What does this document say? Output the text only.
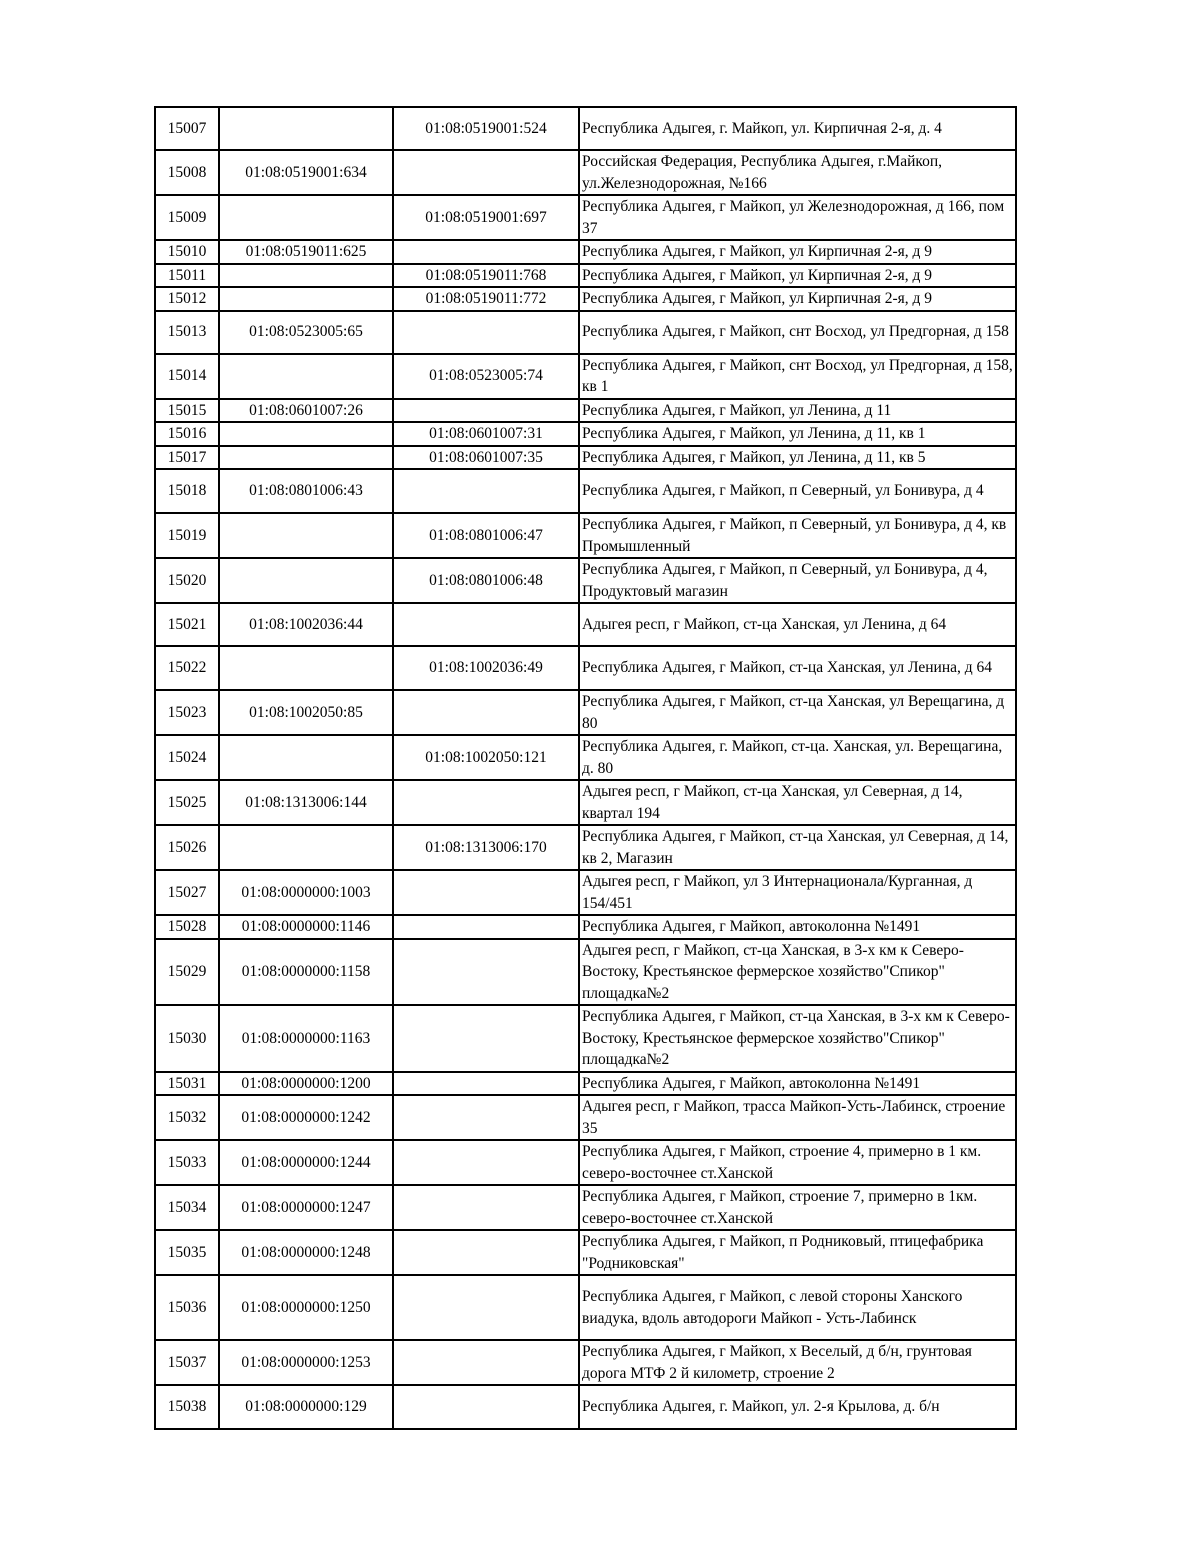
15007		01:08:0519001:524	Республика Адыгея, г. Майкоп, ул. Кирпичная 2-я, д. 4
15008	01:08:0519001:634		Российская Федерация, Республика Адыгея, г.Майкоп, ул.Железнодорожная, №166
15009		01:08:0519001:697	Республика Адыгея, г Майкоп, ул Железнодорожная, д 166, пом 37
15010	01:08:0519011:625		Республика Адыгея, г Майкоп, ул Кирпичная 2-я, д 9
15011		01:08:0519011:768	Республика Адыгея, г Майкоп, ул Кирпичная 2-я, д 9
15012		01:08:0519011:772	Республика Адыгея, г Майкоп, ул Кирпичная 2-я, д 9
15013	01:08:0523005:65		Республика Адыгея, г Майкоп, снт Восход, ул Предгорная, д 158
15014		01:08:0523005:74	Республика Адыгея, г Майкоп, снт Восход, ул Предгорная, д 158, кв 1
15015	01:08:0601007:26		Республика Адыгея, г Майкоп, ул Ленина, д 11
15016		01:08:0601007:31	Республика Адыгея, г Майкоп, ул Ленина, д 11, кв 1
15017		01:08:0601007:35	Республика Адыгея, г Майкоп, ул Ленина, д 11, кв 5
15018	01:08:0801006:43		Республика Адыгея, г Майкоп, п Северный, ул Бонивура, д 4
15019		01:08:0801006:47	Республика Адыгея, г Майкоп, п Северный, ул Бонивура, д 4, кв Промышленный
15020		01:08:0801006:48	Республика Адыгея, г Майкоп, п Северный, ул Бонивура, д 4, Продуктовый магазин
15021	01:08:1002036:44		Адыгея респ, г Майкоп, ст-ца Ханская, ул Ленина, д 64
15022		01:08:1002036:49	Республика Адыгея, г Майкоп, ст-ца Ханская, ул Ленина, д 64
15023	01:08:1002050:85		Республика Адыгея, г Майкоп, ст-ца Ханская, ул Верещагина, д 80
15024		01:08:1002050:121	Республика Адыгея, г. Майкоп, ст-ца. Ханская, ул. Верещагина, д. 80
15025	01:08:1313006:144		Адыгея респ, г Майкоп, ст-ца Ханская, ул Северная, д 14, квартал 194
15026		01:08:1313006:170	Республика Адыгея, г Майкоп, ст-ца Ханская, ул Северная, д 14, кв 2, Магазин
15027	01:08:0000000:1003		Адыгея респ, г Майкоп, ул 3 Интернационала/Курганная, д 154/451
15028	01:08:0000000:1146		Республика Адыгея, г Майкоп, автоколонна №1491
15029	01:08:0000000:1158		Адыгея респ, г Майкоп, ст-ца Ханская, в 3-х км к Северо-Востоку, Крестьянское фермерское хозяйство"Спикор" площадка№2
15030	01:08:0000000:1163		Республика Адыгея, г Майкоп, ст-ца Ханская, в 3-х км к Северо-Востоку, Крестьянское фермерское хозяйство"Спикор" площадка№2
15031	01:08:0000000:1200		Республика Адыгея, г Майкоп, автоколонна №1491
15032	01:08:0000000:1242		Адыгея респ, г Майкоп, трасса Майкоп-Усть-Лабинск, строение 35
15033	01:08:0000000:1244		Республика Адыгея, г Майкоп, строение 4, примерно в 1 км. северо-восточнее ст.Ханской
15034	01:08:0000000:1247		Республика Адыгея, г Майкоп, строение 7, примерно в 1км. северо-восточнее ст.Ханской
15035	01:08:0000000:1248		Республика Адыгея, г Майкоп, п Родниковый, птицефабрика "Родниковская"
15036	01:08:0000000:1250		Республика Адыгея, г Майкоп, с левой стороны Ханского виадука, вдоль автодороги Майкоп - Усть-Лабинск
15037	01:08:0000000:1253		Республика Адыгея, г Майкоп, х Веселый, д б/н, грунтовая дорога МТФ 2 й километр, строение 2
15038	01:08:0000000:129		Республика Адыгея, г. Майкоп, ул. 2-я Крылова, д. б/н
